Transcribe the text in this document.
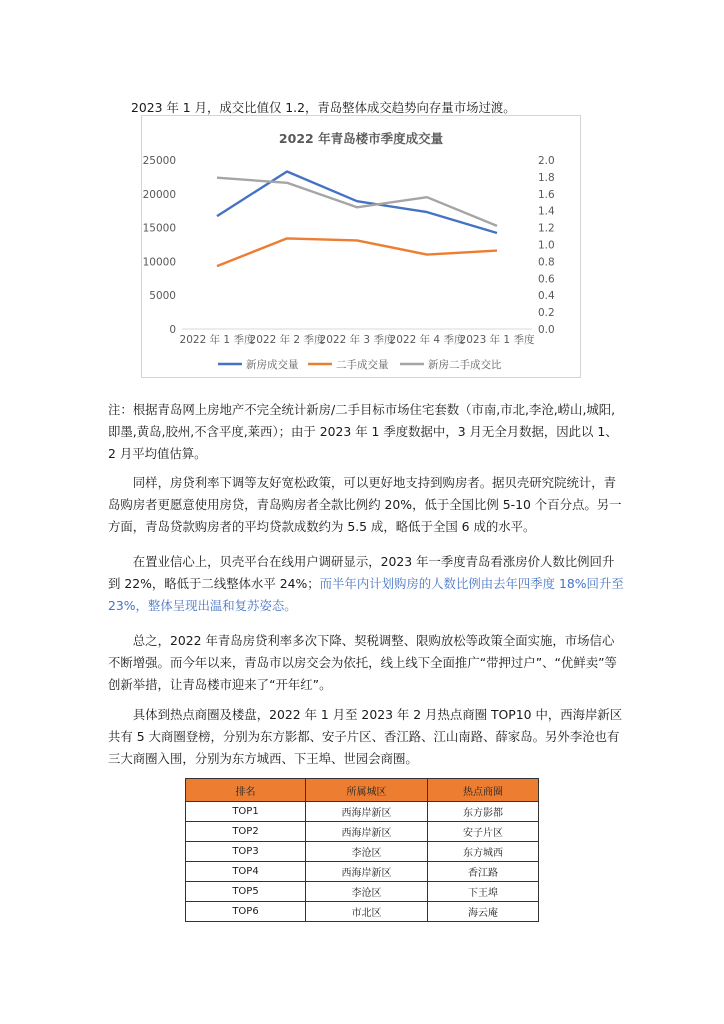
2023 年 1 月，成交比值仅 1.2，青岛整体成交趋势向存量市场过渡。

2022 年青岛楼市季度成交量
0
5000
10000
15000
20000
25000
0.0
0.2
0.4
0.6
0.8
1.0
1.2
1.4
1.6
1.8
2.0
2022 年 1 季度
2022 年 2 季度
2022 年 3 季度
2022 年 4 季度
2023 年 1 季度
新房成交量	二手成交量	新房二手成交比

注：根据青岛网上房地产不完全统计新房/二手目标市场住宅套数（市南,市北,李沧,崂山,城阳,即墨,黄岛,胶州,不含平度,莱西）；由于 2023 年 1 季度数据中，3 月无全月数据，因此以 1、2 月平均值估算。

同样，房贷利率下调等友好宽松政策，可以更好地支持到购房者。据贝壳研究院统计，青岛购房者更愿意使用房贷，青岛购房者全款比例约 20%，低于全国比例 5-10 个百分点。另一方面，青岛贷款购房者的平均贷款成数约为 5.5 成，略低于全国 6 成的水平。

在置业信心上，贝壳平台在线用户调研显示，2023 年一季度青岛看涨房价人数比例回升到 22%，略低于二线整体水平 24%；而半年内计划购房的人数比例由去年四季度 18%回升至 23%，整体呈现出温和复苏姿态。

总之，2022 年青岛房贷利率多次下降、契税调整、限购放松等政策全面实施，市场信心不断增强。而今年以来，青岛市以房交会为依托，线上线下全面推广“带押过户”、“优鲜卖”等创新举措，让青岛楼市迎来了“开年红”。

具体到热点商圈及楼盘，2022 年 1 月至 2023 年 2 月热点商圈 TOP10 中，西海岸新区共有 5 大商圈登榜，分别为东方影都、安子片区、香江路、江山南路、薛家岛。另外李沧也有三大商圈入围，分别为东方城西、下王埠、世园会商圈。

排名	所属城区	热点商圈
TOP1	西海岸新区	东方影都
TOP2	西海岸新区	安子片区
TOP3	李沧区	东方城西
TOP4	西海岸新区	香江路
TOP5	李沧区	下王埠
TOP6	市北区	海云庵
